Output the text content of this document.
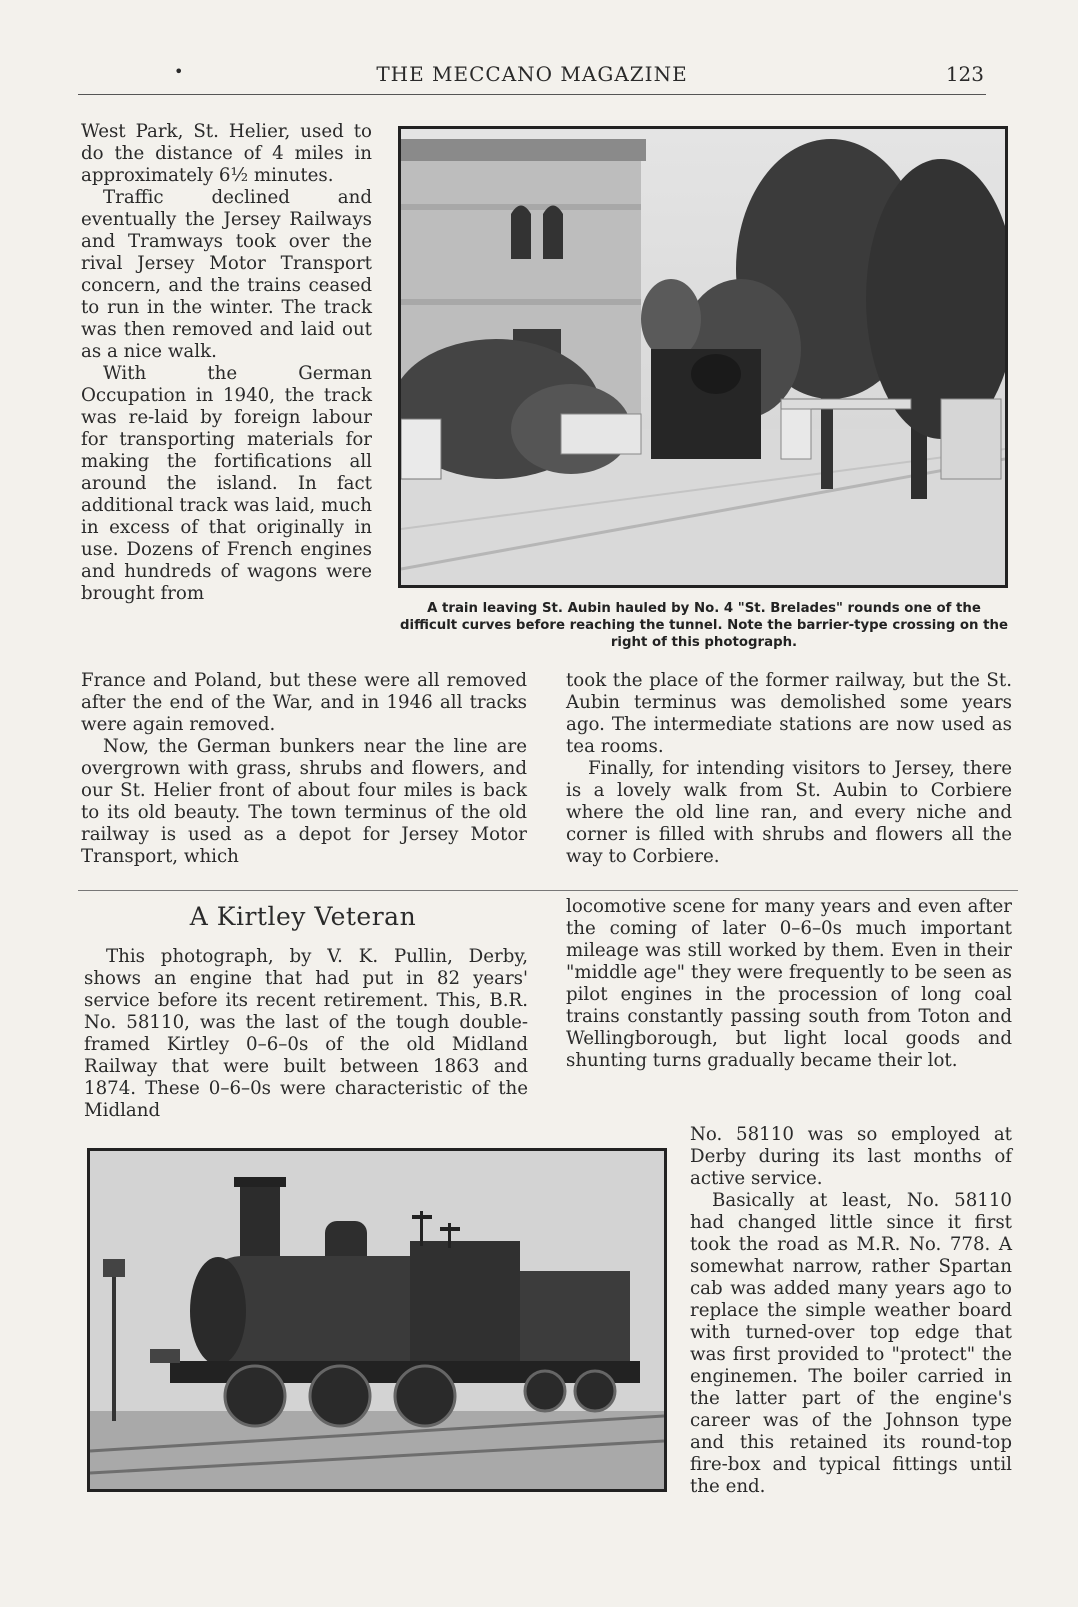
•	THE MECCANO MAGAZINE	123

West Park, St. Helier, used to do the distance of 4 miles in approximately 6½ minutes.

Traffic declined and eventually the Jersey Railways and Tramways took over the rival Jersey Motor Transport concern, and the trains ceased to run in the winter. The track was then removed and laid out as a nice walk.

With the German Occupation in 1940, the track was re-laid by foreign labour for transporting materials for making the fortifications all around the island. In fact additional track was laid, much in excess of that originally in use. Dozens of French engines and hundreds of wagons were brought from

A train leaving St. Aubin hauled by No. 4 "St. Brelades" rounds one of the difficult curves before reaching the tunnel. Note the barrier-type crossing on the right of this photograph.

France and Poland, but these were all removed after the end of the War, and in 1946 all tracks were again removed.

Now, the German bunkers near the line are overgrown with grass, shrubs and flowers, and our St. Helier front of about four miles is back to its old beauty. The town terminus of the old railway is used as a depot for Jersey Motor Transport, which

took the place of the former railway, but the St. Aubin terminus was demolished some years ago. The intermediate stations are now used as tea rooms.

Finally, for intending visitors to Jersey, there is a lovely walk from St. Aubin to Corbiere where the old line ran, and every niche and corner is filled with shrubs and flowers all the way to Corbiere.

A Kirtley Veteran

This photograph, by V. K. Pullin, Derby, shows an engine that had put in 82 years' service before its recent retirement. This, B.R. No. 58110, was the last of the tough double-framed Kirtley 0–6–0s of the old Midland Railway that were built between 1863 and 1874. These 0–6–0s were characteristic of the Midland

locomotive scene for many years and even after the coming of later 0–6–0s much important mileage was still worked by them. Even in their "middle age" they were frequently to be seen as pilot engines in the procession of long coal trains constantly passing south from Toton and Wellingborough, but light local goods and shunting turns gradually became their lot.

No. 58110 was so employed at Derby during its last months of active service.

Basically at least, No. 58110 had changed little since it first took the road as M.R. No. 778. A somewhat narrow, rather Spartan cab was added many years ago to replace the simple weather board with turned-over top edge that was first provided to "protect" the enginemen. The boiler carried in the latter part of the engine's career was of the Johnson type and this retained its round-top fire-box and typical fittings until the end.
